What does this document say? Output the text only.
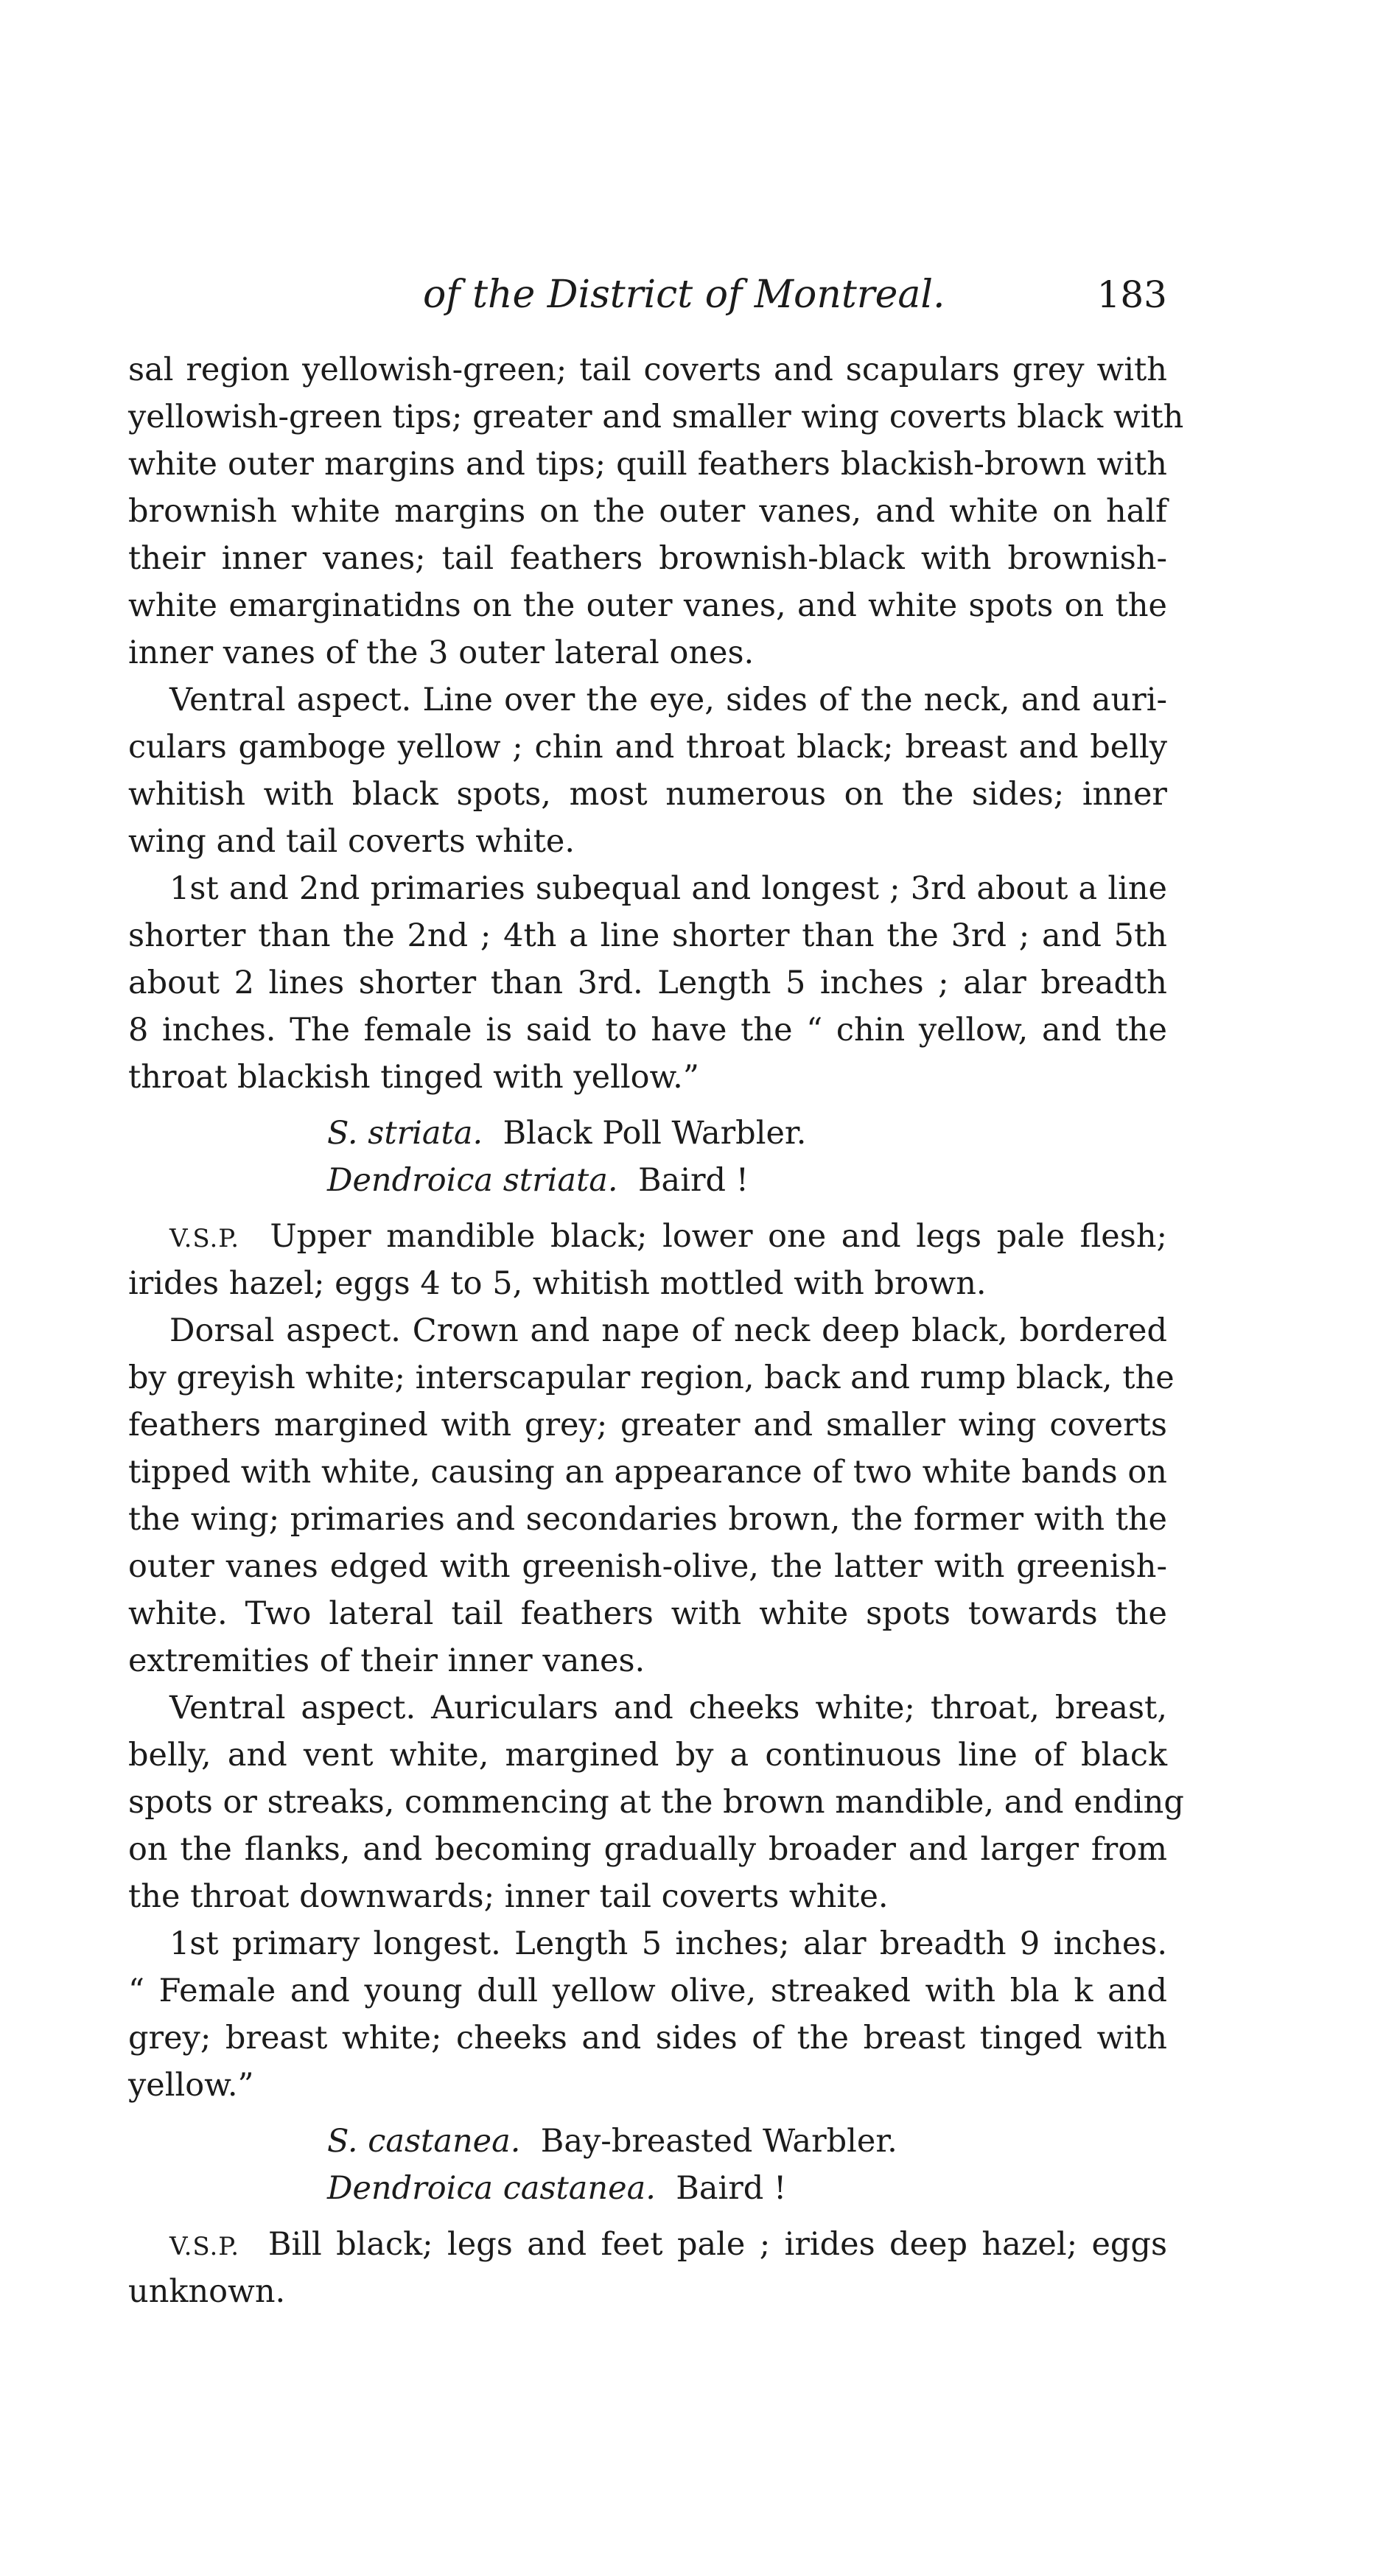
of the District of Montreal.	183
sal region yellowish-green; tail coverts and scapulars grey with
yellowish-green tips; greater and smaller wing coverts black with
white outer margins and tips; quill feathers blackish-brown with
brownish white margins on the outer vanes, and white on half
their inner vanes; tail feathers brownish-black with brownish-
white emarginatidns on the outer vanes, and white spots on the
inner vanes of the 3 outer lateral ones.
Ventral aspect. Line over the eye, sides of the neck, and auri-
culars gamboge yellow ; chin and throat black; breast and belly
whitish with black spots, most numerous on the sides; inner
wing and tail coverts white.
1st and 2nd primaries subequal and longest ; 3rd about a line
shorter than the 2nd ; 4th a line shorter than the 3rd ; and 5th
about 2 lines shorter than 3rd. Length 5 inches ; alar breadth
8 inches. The female is said to have the “ chin yellow, and the
throat blackish tinged with yellow.”
S. striata. Black Poll Warbler.
Dendroica striata. Baird !
V.S.P. Upper mandible black; lower one and legs pale flesh;
irides hazel; eggs 4 to 5, whitish mottled with brown.
Dorsal aspect. Crown and nape of neck deep black, bordered
by greyish white; interscapular region, back and rump black, the
feathers margined with grey; greater and smaller wing coverts
tipped with white, causing an appearance of two white bands on
the wing; primaries and secondaries brown, the former with the
outer vanes edged with greenish-olive, the latter with greenish-
white. Two lateral tail feathers with white spots towards the
extremities of their inner vanes.
Ventral aspect. Auriculars and cheeks white; throat, breast,
belly, and vent white, margined by a continuous line of black
spots or streaks, commencing at the brown mandible, and ending
on the flanks, and becoming gradually broader and larger from
the throat downwards; inner tail coverts white.
1st primary longest. Length 5 inches; alar breadth 9 inches.
“ Female and young dull yellow olive, streaked with bla k and
grey; breast white; cheeks and sides of the breast tinged with
yellow.”
S. castanea. Bay-breasted Warbler.
Dendroica castanea. Baird !
V.S.P. Bill black; legs and feet pale ; irides deep hazel; eggs
unknown.
